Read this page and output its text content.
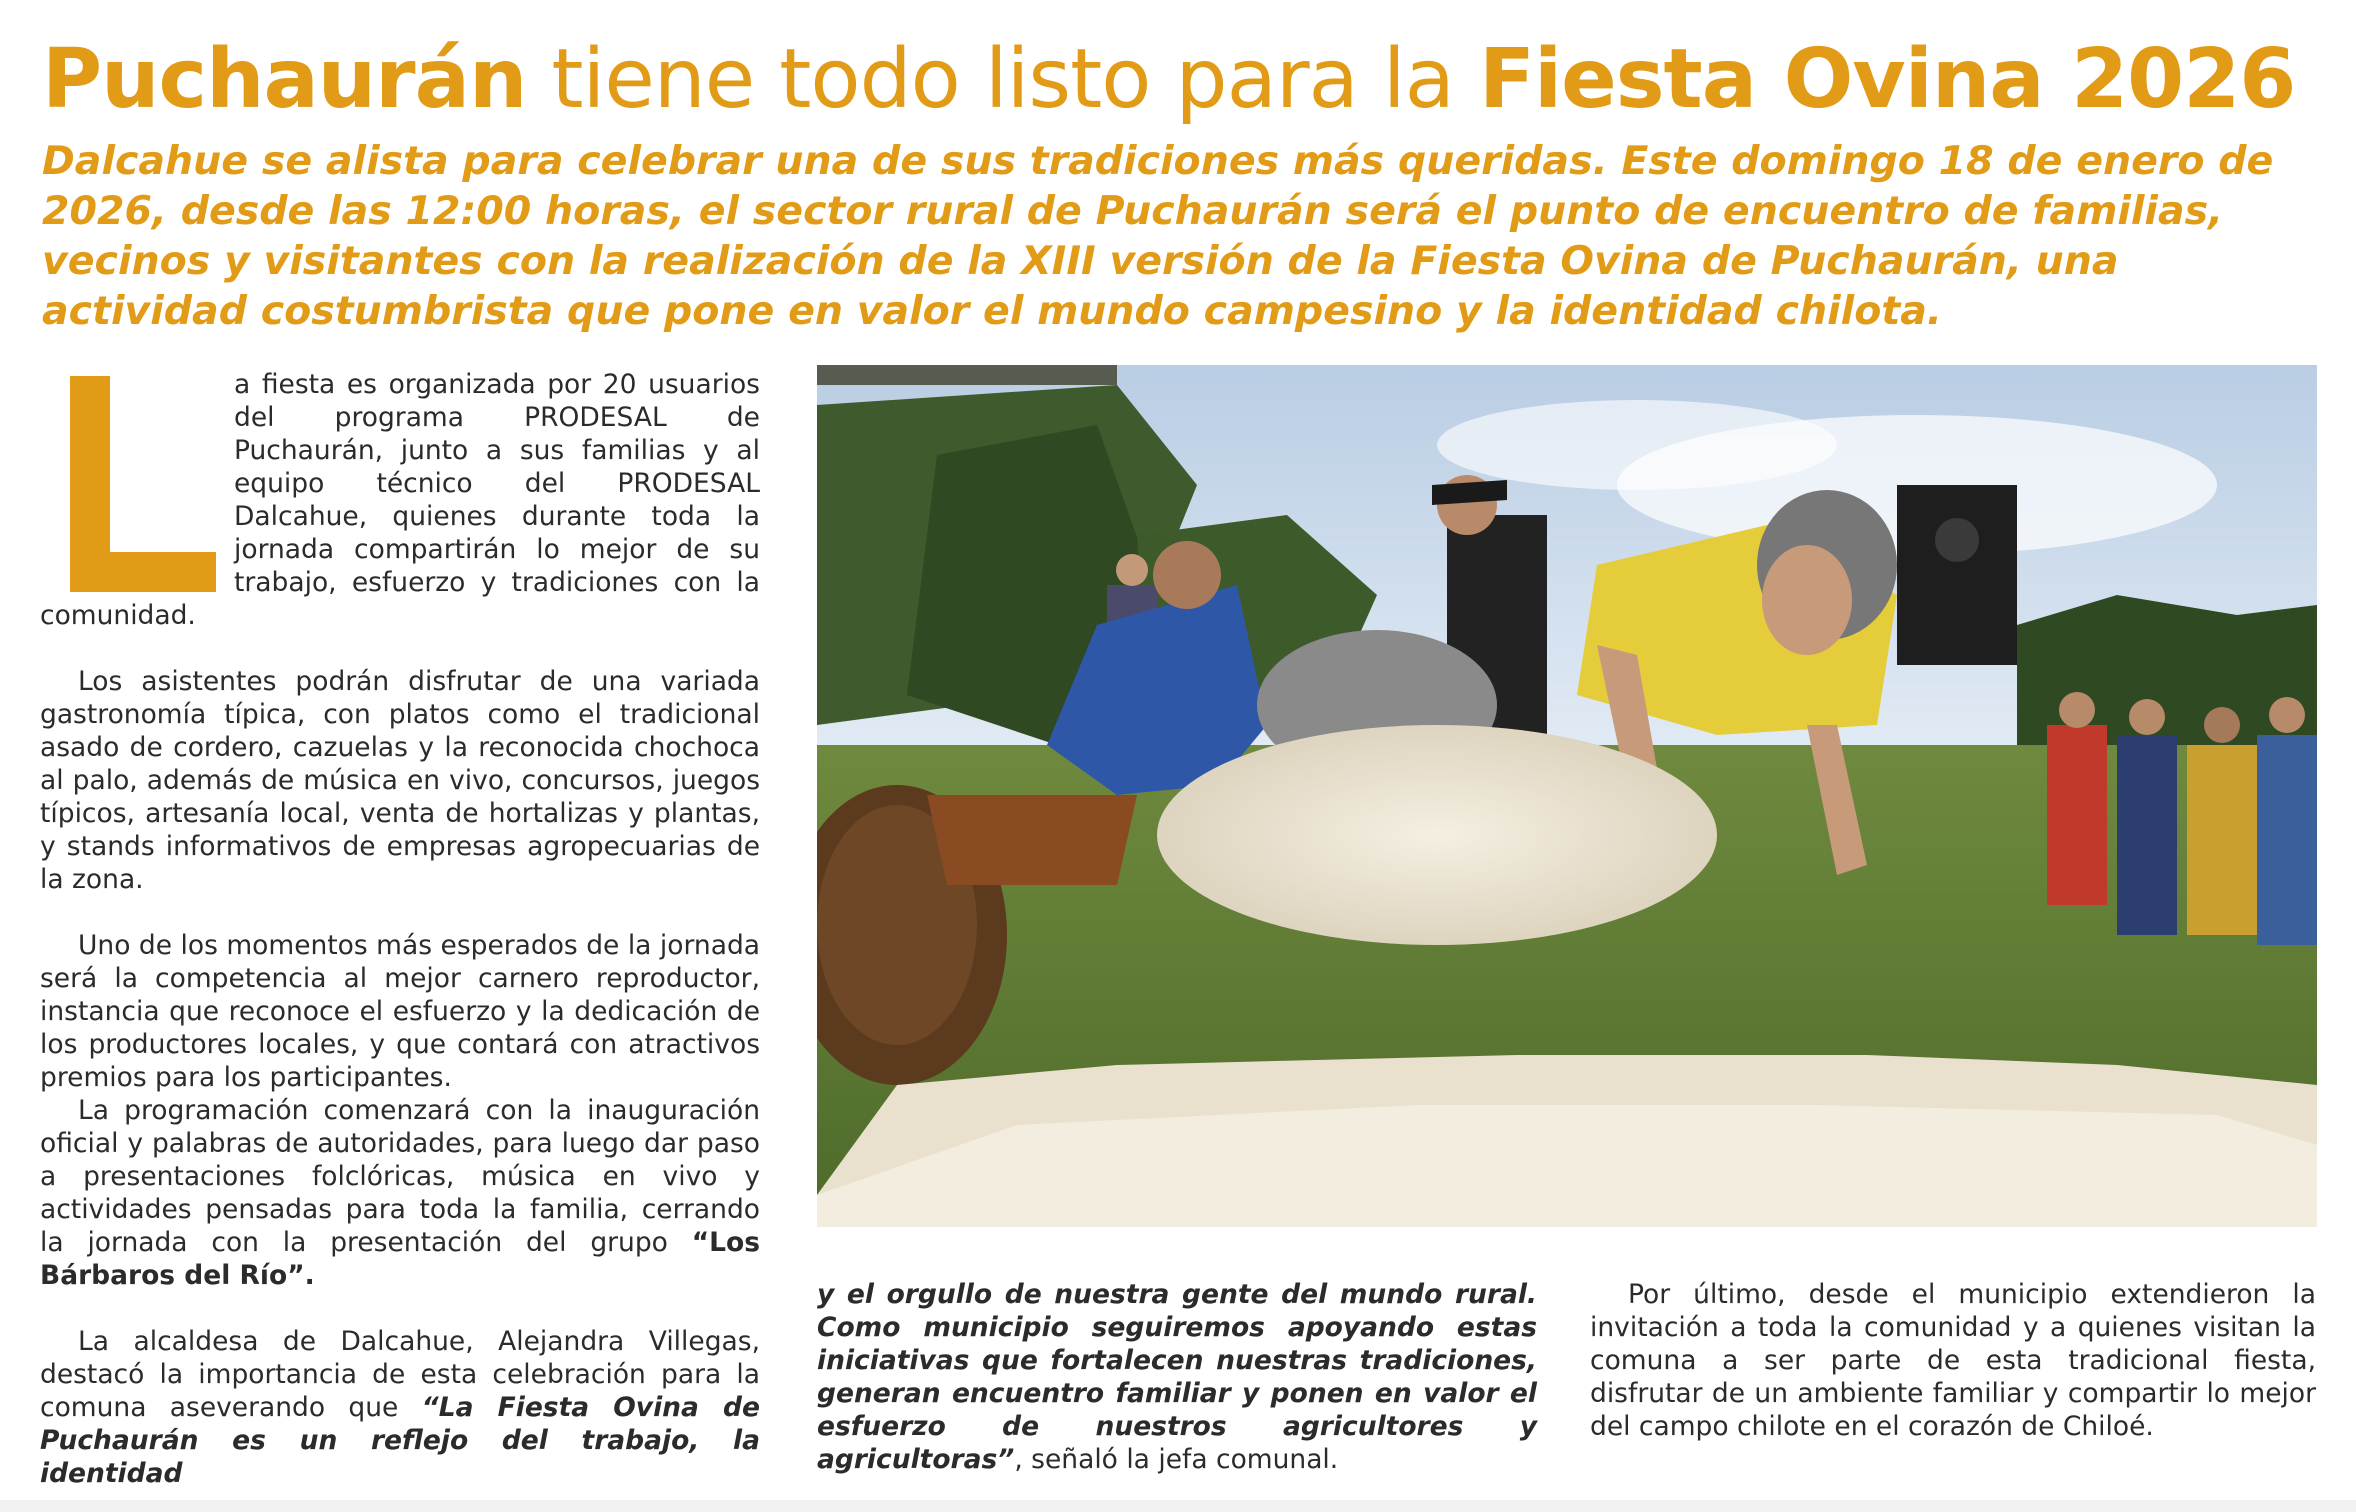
Puchaurán tiene todo listo para la Fiesta Ovina 2026
Dalcahue se alista para celebrar una de sus tradiciones más queridas. Este domingo 18 de enero de 2026, desde las 12:00 horas, el sector rural de Puchaurán será el punto de encuentro de familias, vecinos y visitantes con la realización de la XIII versión de la Fiesta Ovina de Puchaurán, una actividad costumbrista que pone en valor el mundo campesino y la identidad chilota.

a fiesta es organizada por 20 usuarios del programa PRODESAL de Puchaurán, junto a sus familias y al equipo técnico del PRODESAL Dalcahue, quienes durante toda la jornada compartirán lo mejor de su trabajo, esfuerzo y tradiciones con la comunidad.

Los asistentes podrán disfrutar de una variada gastronomía típica, con platos como el tradicional asado de cordero, cazuelas y la reconocida chochoca al palo, además de música en vivo, concursos, juegos típicos, artesanía local, venta de hortalizas y plantas, y stands informativos de empresas agropecuarias de la zona.

Uno de los momentos más esperados de la jornada será la competencia al mejor carnero reproductor, instancia que reconoce el esfuerzo y la dedicación de los productores locales, y que contará con atractivos premios para los participantes.

La programación comenzará con la inauguración oficial y palabras de autoridades, para luego dar paso a presentaciones folclóricas, música en vivo y actividades pensadas para toda la familia, cerrando la jornada con la presentación del grupo “Los Bárbaros del Río”.

La alcaldesa de Dalcahue, Alejandra Villegas, destacó la importancia de esta celebración para la comuna aseverando que “La Fiesta Ovina de Puchaurán es un reflejo del trabajo, la identidad

y el orgullo de nuestra gente del mundo rural. Como municipio seguiremos apoyando estas iniciativas que fortalecen nuestras tradiciones, generan encuentro familiar y ponen en valor el esfuerzo de nuestros agricultores y agricultoras”, señaló la jefa comunal.

Por último, desde el municipio extendieron la invitación a toda la comunidad y a quienes visitan la comuna a ser parte de esta tradicional fiesta, disfrutar de un ambiente familiar y compartir lo mejor del campo chilote en el corazón de Chiloé.
